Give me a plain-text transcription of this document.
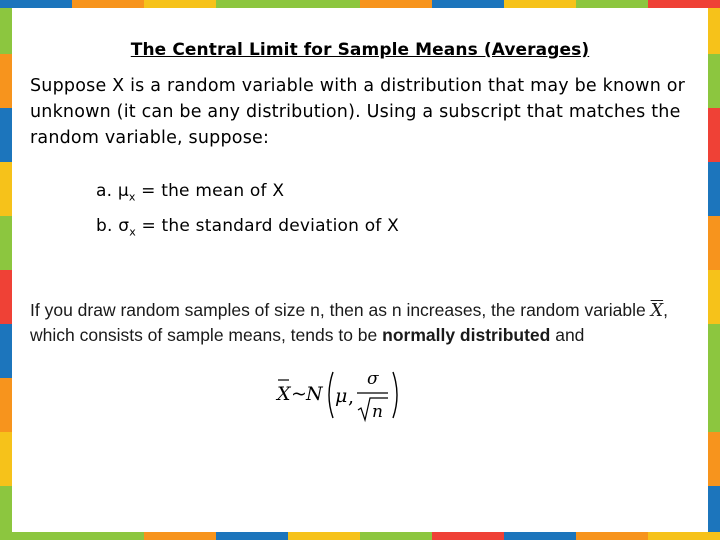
The Central Limit for Sample Means (Averages)
Suppose X is a random variable with a distribution that may be known or unknown (it can be any distribution). Using a subscript that matches the random variable, suppose:
a. $\mu_x$ = the mean of X
b. $\sigma_x$ = the standard deviation of X
If you draw random samples of size n, then as n increases, the random variable $\overline{X}$, which consists of sample means, tends to be normally distributed and
X ~ N μ ,
σ
n
